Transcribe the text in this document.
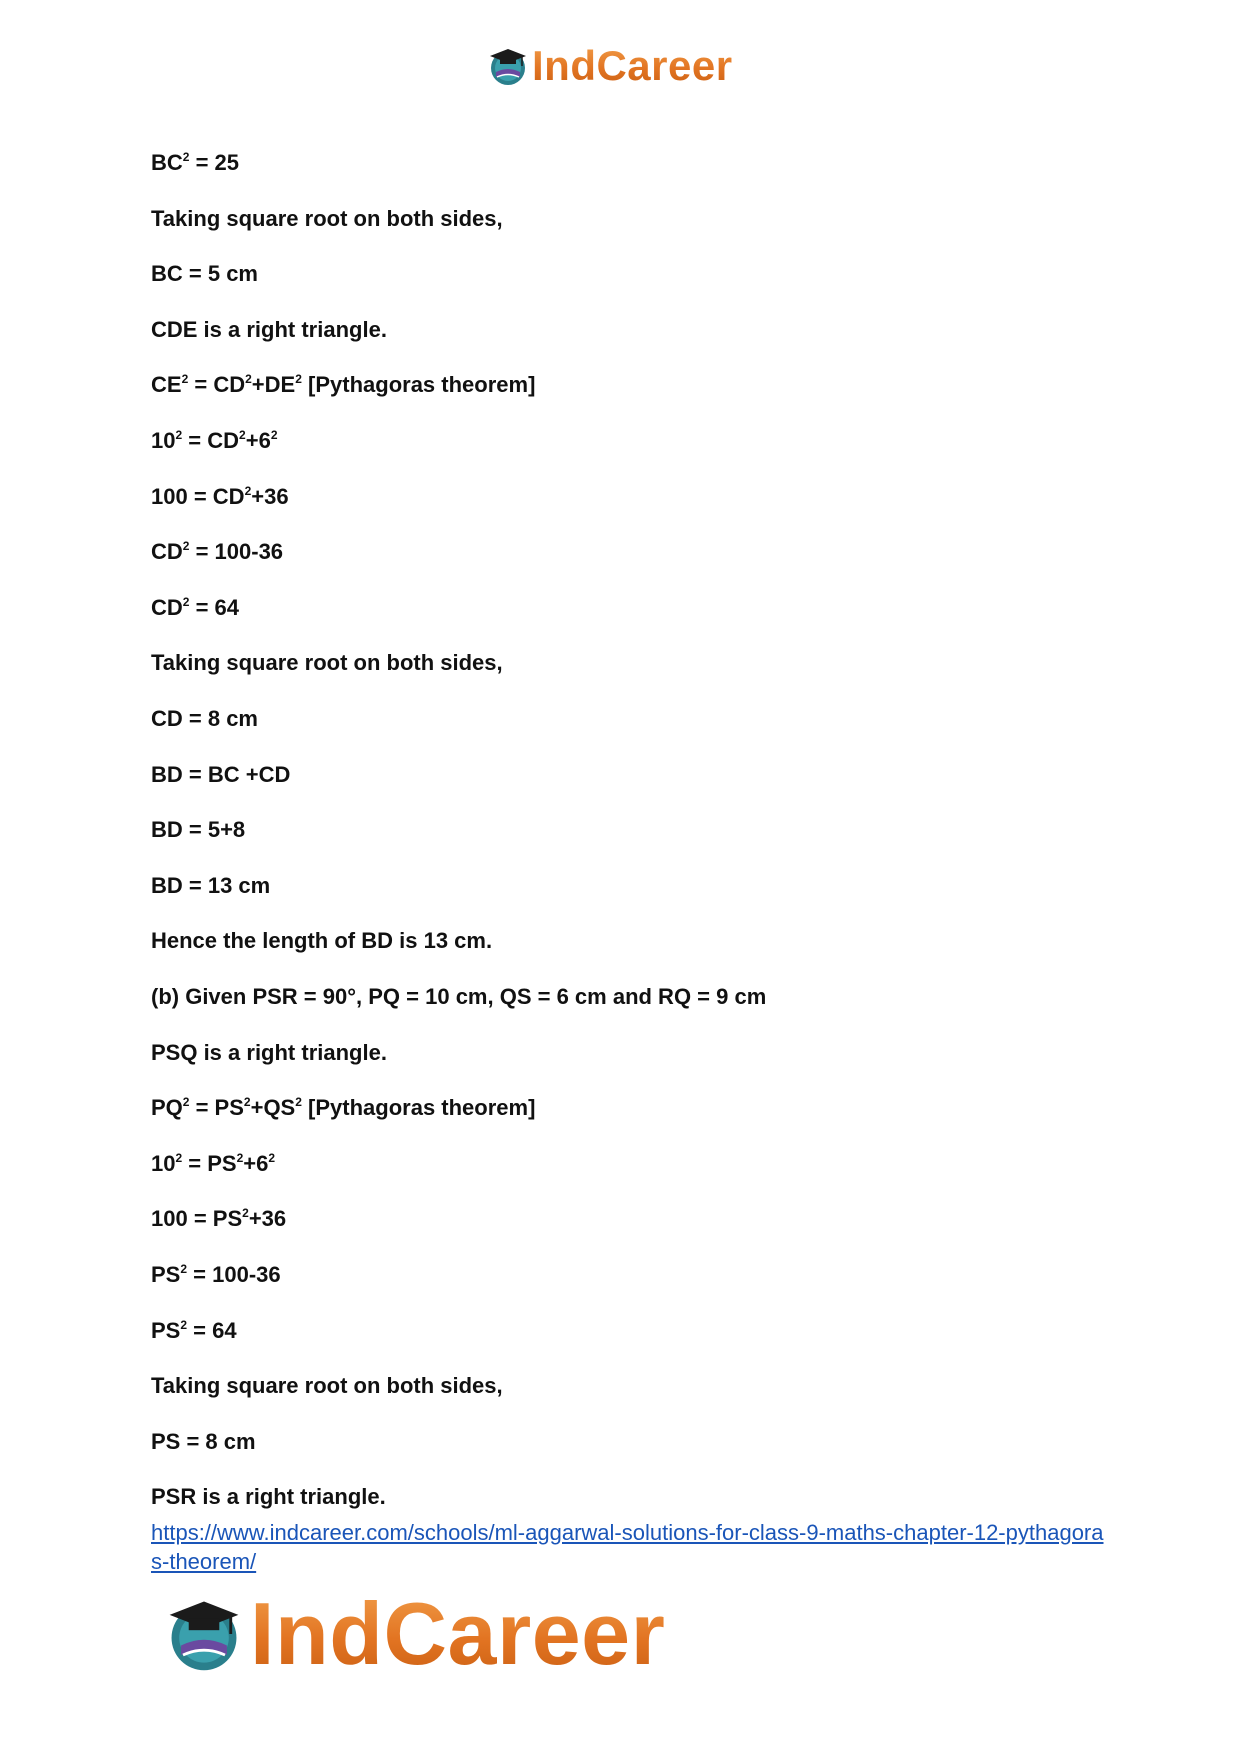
IndCareer
$BC^2 = 25$
Taking square root on both sides,
BC = 5 cm
CDE is a right triangle.
$CE^2 = CD^2+DE^2$ [Pythagoras theorem]
$10^2 = CD^2+6^2$
$100 = CD^2+36$
$CD^2 = 100-36$
$CD^2 = 64$
Taking square root on both sides,
CD = 8 cm
BD = BC +CD
BD = 5+8
BD = 13 cm
Hence the length of BD is 13 cm.
(b) Given PSR = 90°, PQ = 10 cm, QS = 6 cm and RQ = 9 cm
PSQ is a right triangle.
$PQ^2 = PS^2+QS^2$ [Pythagoras theorem]
$10^2 = PS^2+6^2$
$100 = PS^2+36$
$PS^2 = 100-36$
$PS^2 = 64$
Taking square root on both sides,
PS = 8 cm
PSR is a right triangle.
https://www.indcareer.com/schools/ml-aggarwal-solutions-for-class-9-maths-chapter-12-pythagoras-theorem/
IndCareer
